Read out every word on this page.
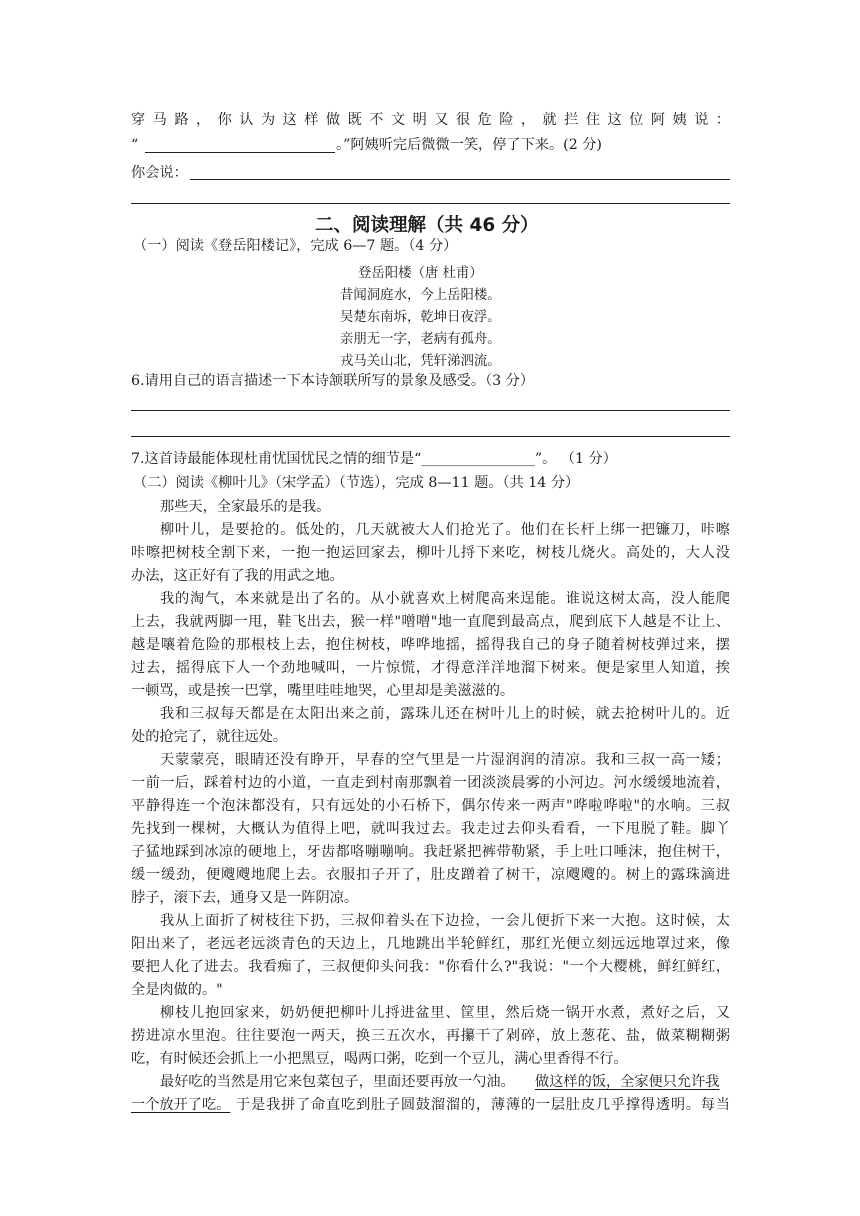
穿马路，你认为这样做既不文明又很危险，就拦住这位阿姨说：
“	。”阿姨听完后微微一笑，停了下来。(2 分)
你会说：
二、阅读理解（共 46 分）
（一）阅读《登岳阳楼记》，完成 6—7 题。（4 分）
登岳阳楼（唐 杜甫）
昔闻洞庭水，今上岳阳楼。
吴楚东南坼，乾坤日夜浮。
亲朋无一字，老病有孤舟。
戎马关山北，凭轩涕泗流。
6.请用自己的语言描述一下本诗颔联所写的景象及感受。（3 分）
7.这首诗最能体现杜甫忧国忧民之情的细节是“________________”。 （1 分）
（二）阅读《柳叶儿》（宋学孟）（节选），完成 8—11 题。（共 14 分）
那些天，全家最乐的是我。
柳叶儿，是要抢的。低处的，几天就被大人们抢光了。他们在长杆上绑一把镰刀，咔嚓
咔嚓把树枝全割下来，一抱一抱运回家去，柳叶儿捋下来吃，树枝儿烧火。高处的，大人没
办法，这正好有了我的用武之地。
我的淘气，本来就是出了名的。从小就喜欢上树爬高来逞能。谁说这树太高，没人能爬
上去，我就两脚一甩，鞋飞出去，猴一样"噌噌"地一直爬到最高点，爬到底下人越是不让上、
越是嚷着危险的那根枝上去，抱住树枝，哗哗地摇，摇得我自己的身子随着树枝弹过来，摆
过去，摇得底下人一个劲地喊叫，一片惊慌，才得意洋洋地溜下树来。便是家里人知道，挨
一顿骂，或是挨一巴掌，嘴里哇哇地哭，心里却是美滋滋的。
我和三叔每天都是在太阳出来之前，露珠儿还在树叶儿上的时候，就去抢树叶儿的。近
处的抢完了，就往远处。
天蒙蒙亮，眼睛还没有睁开，早春的空气里是一片湿润润的清凉。我和三叔一高一矮；
一前一后，踩着村边的小道，一直走到村南那飘着一团淡淡晨雾的小河边。河水缓缓地流着，
平静得连一个泡沫都没有，只有远处的小石桥下，偶尔传来一两声"哗啦哗啦"的水响。三叔
先找到一棵树，大概认为值得上吧，就叫我过去。我走过去仰头看看，一下甩脱了鞋。脚丫
子猛地踩到冰凉的硬地上，牙齿都咯嘣嘣响。我赶紧把裤带勒紧，手上吐口唾沫，抱住树干，
缓一缓劲，便飕飕地爬上去。衣服扣子开了，肚皮蹭着了树干，凉飕飕的。树上的露珠滴进
脖子，滚下去，通身又是一阵阴凉。
我从上面折了树枝往下扔，三叔仰着头在下边捡，一会儿便折下来一大抱。这时候，太
阳出来了，老远老远淡青色的天边上，几地跳出半轮鲜红，那红光便立刻远远地罩过来，像
要把人化了进去。我看痴了，三叔便仰头问我："你看什么?"我说："一个大樱桃，鲜红鲜红，
全是肉做的。"
柳枝儿抱回家来，奶奶便把柳叶儿捋进盆里、筐里，然后烧一锅开水煮，煮好之后，又
捞进凉水里泡。往往要泡一两天，换三五次水，再攥干了剁碎，放上葱花、盐，做菜糊糊粥
吃，有时候还会抓上一小把黑豆，喝两口粥，吃到一个豆儿，满心里香得不行。
最好吃的当然是用它来包菜包子，里面还要再放一勺油。 做这样的饭，全家便只允许我
一个放开了吃。 于是我拼了命直吃到肚子圆鼓溜溜的，薄薄的一层肚皮几乎撑得透明。每当
